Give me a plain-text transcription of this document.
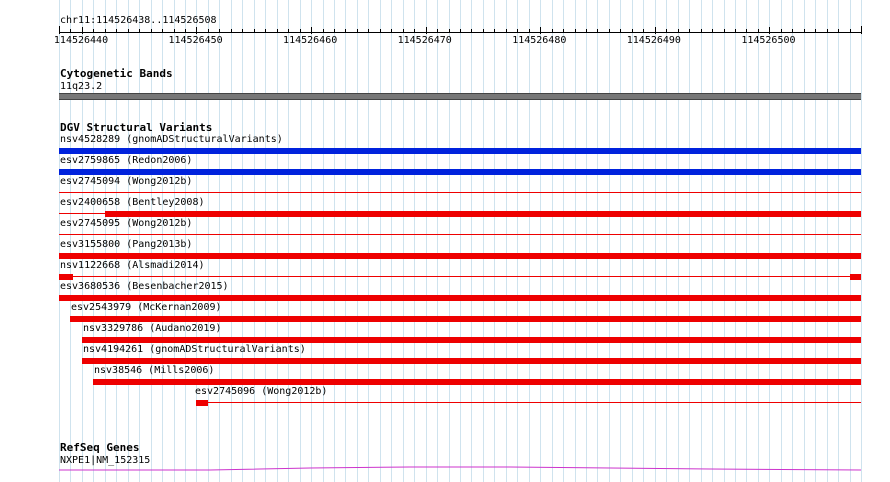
chr11:114526438..114526508
114526440	114526450	114526460	114526470	114526480	114526490	114526500
Cytogenetic Bands
11q23.2
DGV Structural Variants
nsv4528289 (gnomADStructuralVariants)
esv2759865 (Redon2006)
esv2745094 (Wong2012b)
esv2400658 (Bentley2008)
esv2745095 (Wong2012b)
esv3155800 (Pang2013b)
nsv1122668 (Alsmadi2014)
esv3680536 (Besenbacher2015)
esv2543979 (McKernan2009)
nsv3329786 (Audano2019)
nsv4194261 (gnomADStructuralVariants)
nsv38546 (Mills2006)
esv2745096 (Wong2012b)
RefSeq Genes
NXPE1|NM_152315
